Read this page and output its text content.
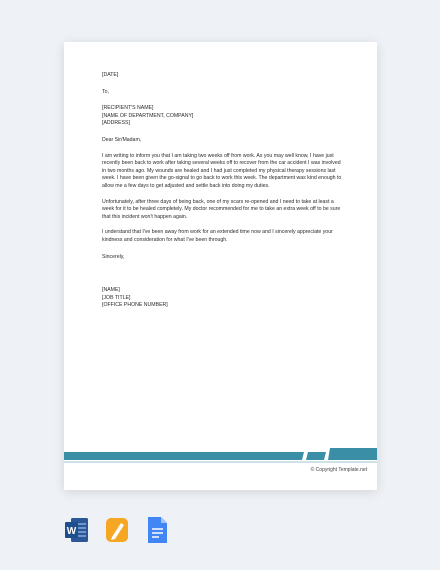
[DATE]

To,

[RECIPIENT'S NAME]

[NAME OF DEPARTMENT, COMPANY]

[ADDRESS]

Dear Sir/Madam,

I am writing to inform you that I am taking two weeks off from work. As you may well know, I have just recently been back to work after taking several weeks off to recover from the car accident I was involved in two months ago. My wounds are healed and I had just completed my physical therapy sessions last week. I have been given the go-signal to go back to work this week. The department was kind enough to allow me a few days to get adjusted and settle back into doing my duties.

Unfortunately, after three days of being back, one of my scars re-opened and I need to take at least a week for it to be healed completely. My doctor recommended for me to take an extra week off to be sure that this incident won't happen again.

I understand that I've been away from work for an extended time now and I sincerely appreciate your kindness and consideration for what I've been through.

Sincerely,

[NAME]

[JOB TITLE]

[OFFICE PHONE NUMBER]

© Copyright Template.net
W
